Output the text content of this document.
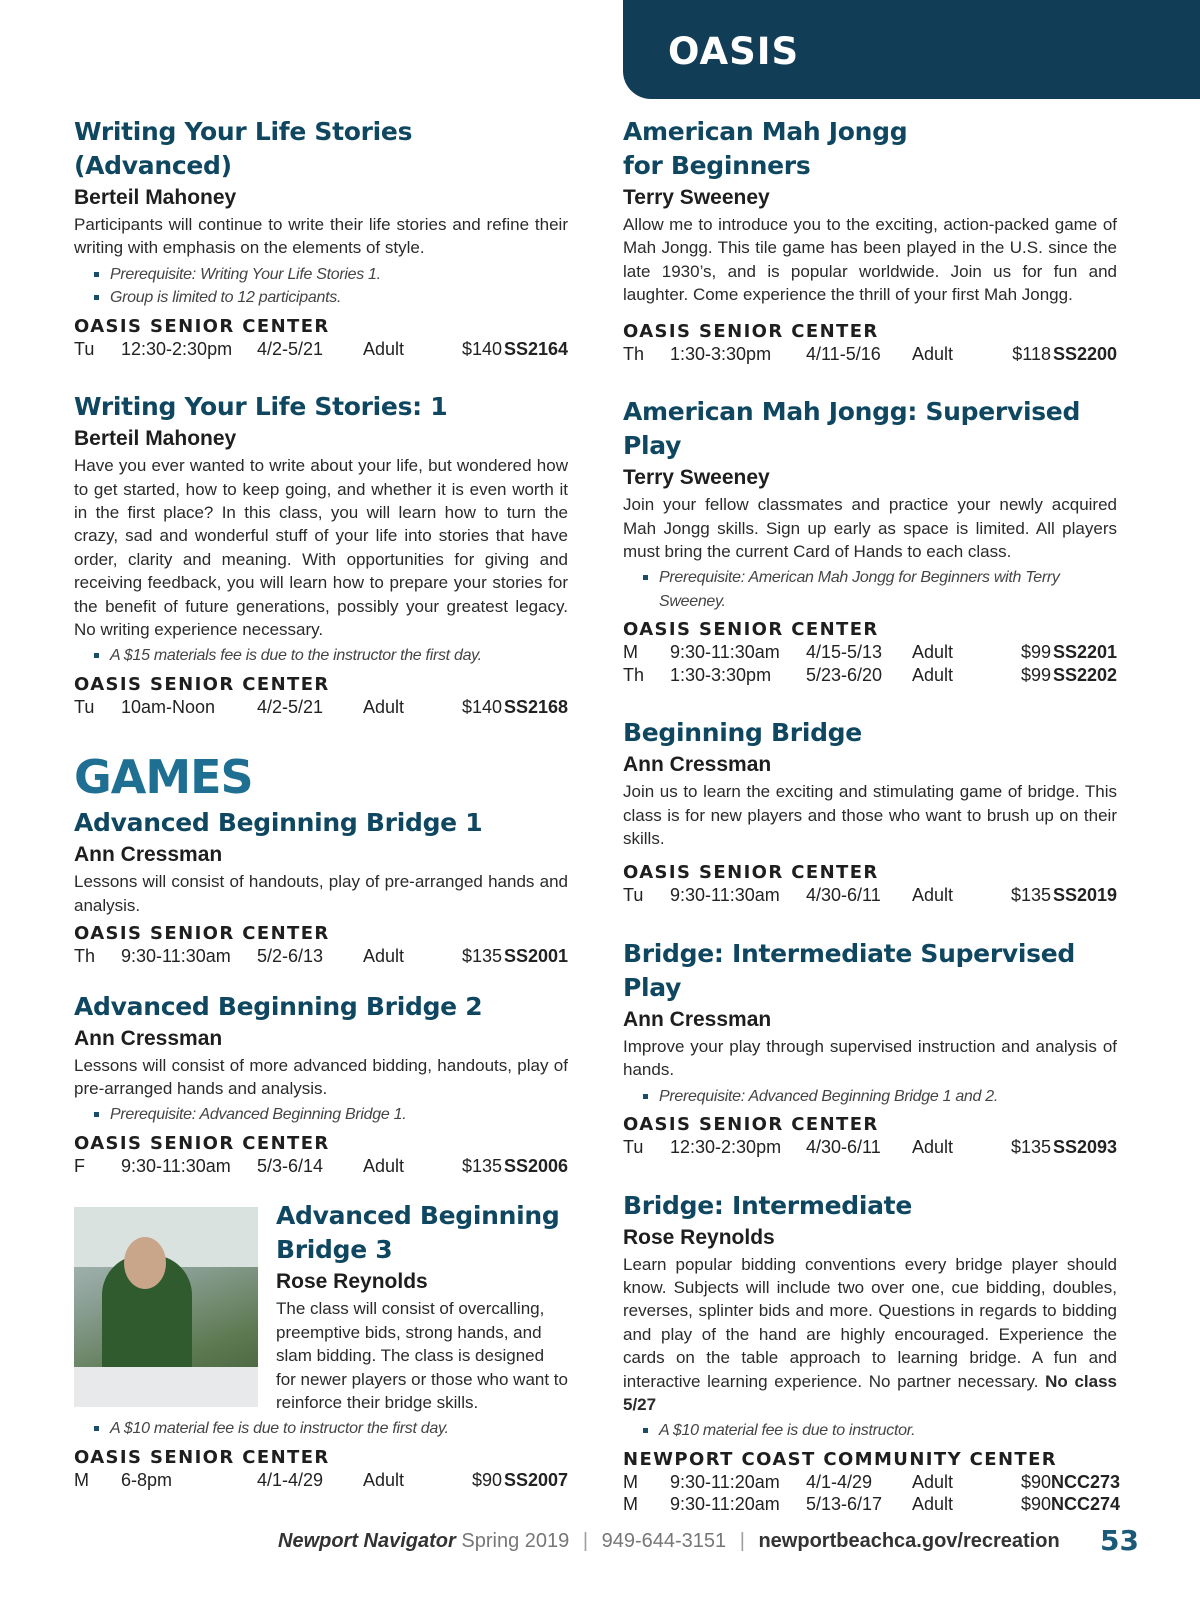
OASIS
Writing Your Life Stories (Advanced)
Berteil Mahoney
Participants will continue to write their life stories and refine their writing with emphasis on the elements of style.
Prerequisite: Writing Your Life Stories 1.
Group is limited to 12 participants.
OASIS SENIOR CENTER
Tu	12:30-2:30pm	4/2-5/21	Adult	$140 SS2164
Writing Your Life Stories: 1
Berteil Mahoney
Have you ever wanted to write about your life, but wondered how to get started, how to keep going, and whether it is even worth it in the first place? In this class, you will learn how to turn the crazy, sad and wonderful stuff of your life into stories that have order, clarity and meaning. With opportunities for giving and receiving feedback, you will learn how to prepare your stories for the benefit of future generations, possibly your greatest legacy. No writing experience necessary.
A $15 materials fee is due to the instructor the first day.
OASIS SENIOR CENTER
Tu	10am-Noon	4/2-5/21	Adult	$140 SS2168
GAMES
Advanced Beginning Bridge 1
Ann Cressman
Lessons will consist of handouts, play of pre-arranged hands and analysis.
OASIS SENIOR CENTER
Th	9:30-11:30am	5/2-6/13	Adult	$135 SS2001
Advanced Beginning Bridge 2
Ann Cressman
Lessons will consist of more advanced bidding, handouts, play of pre-arranged hands and analysis.
Prerequisite: Advanced Beginning Bridge 1.
OASIS SENIOR CENTER
F	9:30-11:30am	5/3-6/14	Adult	$135 SS2006
Advanced Beginning Bridge 3
Rose Reynolds
The class will consist of overcalling, preemptive bids, strong hands, and slam bidding. The class is designed for newer players or those who want to reinforce their bridge skills.
A $10 material fee is due to instructor the first day.
OASIS SENIOR CENTER
M	6-8pm	4/1-4/29	Adult	$90 SS2007
American Mah Jongg for Beginners
Terry Sweeney
Allow me to introduce you to the exciting, action-packed game of Mah Jongg. This tile game has been played in the U.S. since the late 1930’s, and is popular worldwide. Join us for fun and laughter. Come experience the thrill of your first Mah Jongg.
OASIS SENIOR CENTER
Th	1:30-3:30pm	4/11-5/16	Adult	$118 SS2200
American Mah Jongg: Supervised Play
Terry Sweeney
Join your fellow classmates and practice your newly acquired Mah Jongg skills. Sign up early as space is limited. All players must bring the current Card of Hands to each class.
Prerequisite: American Mah Jongg for Beginners with Terry Sweeney.
OASIS SENIOR CENTER
M	9:30-11:30am	4/15-5/13	Adult	$99 SS2201
Th	1:30-3:30pm	5/23-6/20	Adult	$99 SS2202
Beginning Bridge
Ann Cressman
Join us to learn the exciting and stimulating game of bridge. This class is for new players and those who want to brush up on their skills.
OASIS SENIOR CENTER
Tu	9:30-11:30am	4/30-6/11	Adult	$135 SS2019
Bridge: Intermediate Supervised Play
Ann Cressman
Improve your play through supervised instruction and analysis of hands.
Prerequisite: Advanced Beginning Bridge 1 and 2.
OASIS SENIOR CENTER
Tu	12:30-2:30pm	4/30-6/11	Adult	$135 SS2093
Bridge: Intermediate
Rose Reynolds
Learn popular bidding conventions every bridge player should know. Subjects will include two over one, cue bidding, doubles, reverses, splinter bids and more. Questions in regards to bidding and play of the hand are highly encouraged. Experience the cards on the table approach to learning bridge. A fun and interactive learning experience. No partner necessary. No class 5/27
A $10 material fee is due to instructor.
NEWPORT COAST COMMUNITY CENTER
M	9:30-11:20am	4/1-4/29	Adult	$90 NCC273
M	9:30-11:20am	5/13-6/17	Adult	$90 NCC274
Newport Navigator Spring 2019 | 949-644-3151 | newportbeachca.gov/recreation	53
